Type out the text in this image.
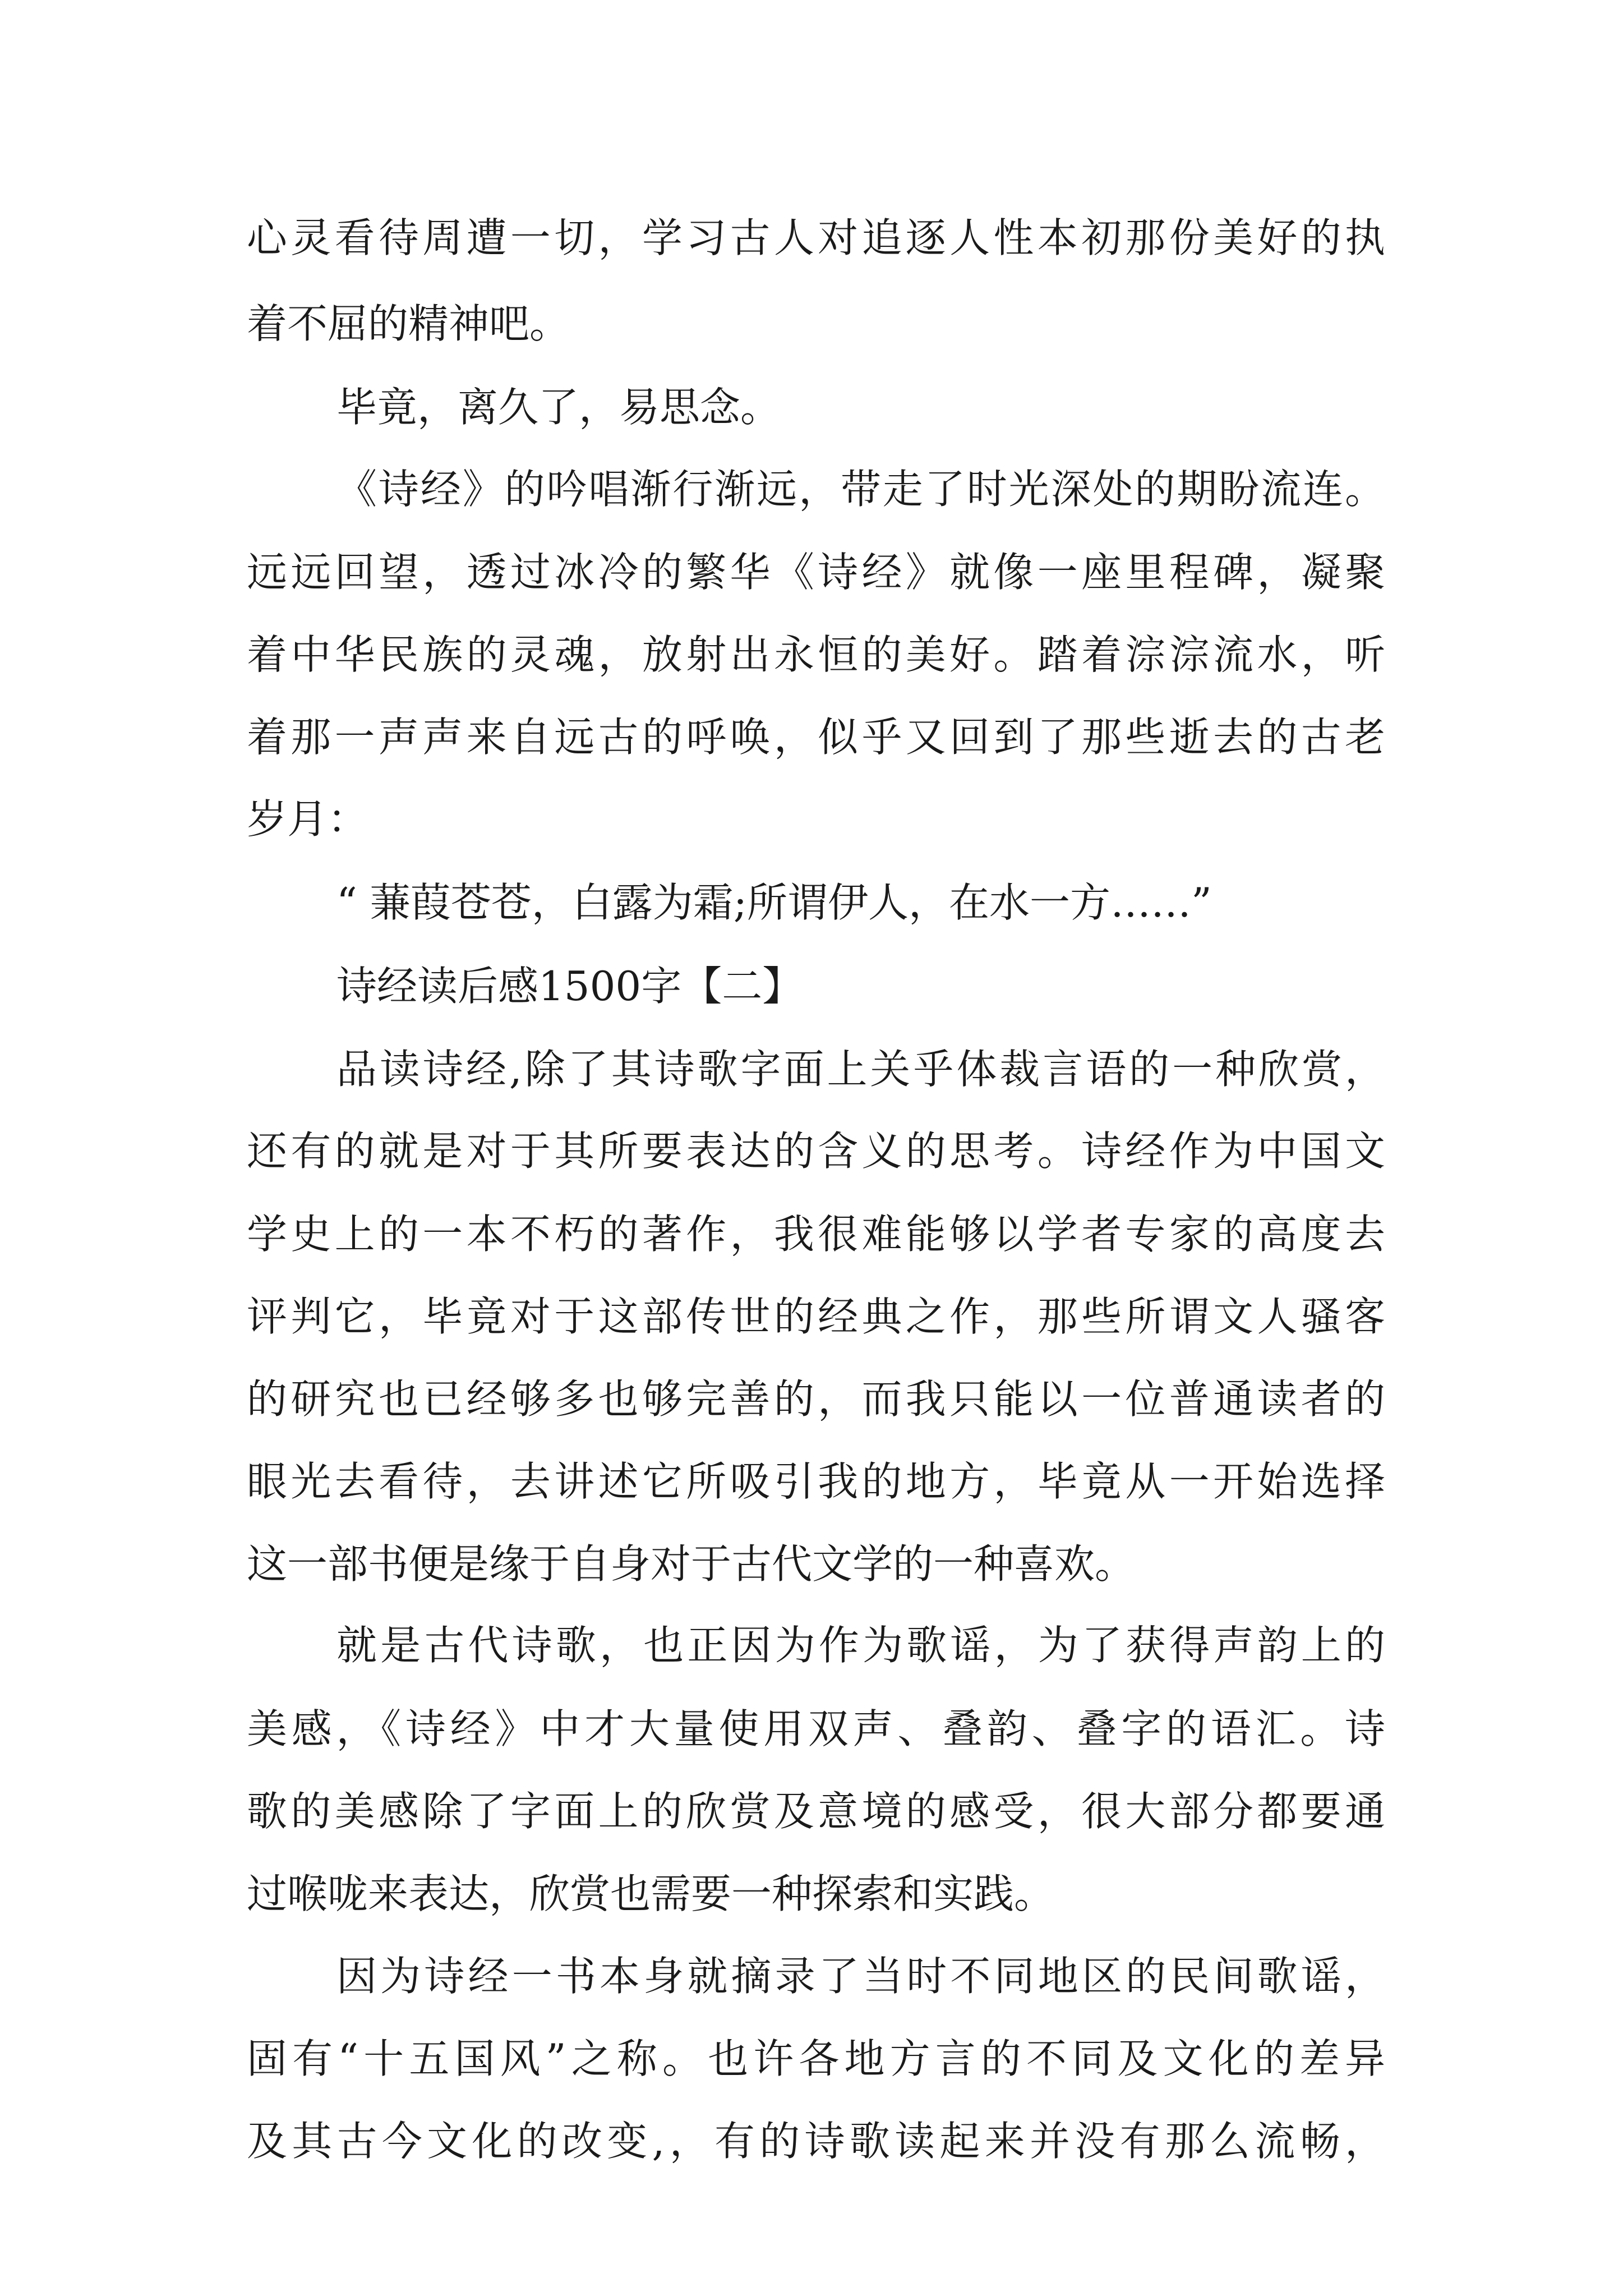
心灵看待周遭一切，学习古人对追逐人性本初那份美好的执
着不屈的精神吧。
毕竟，离久了，易思念。
《诗经》的吟唱渐行渐远，带走了时光深处的期盼流连。
远远回望，透过冰冷的繁华《诗经》就像一座里程碑，凝聚
着中华民族的灵魂，放射出永恒的美好。踏着淙淙流水，听
着那一声声来自远古的呼唤，似乎又回到了那些逝去的古老
岁月：
“ 蒹葭苍苍，白露为霜;所谓伊人，在水一方……”
诗经读后感1500字【二】
品读诗经,除了其诗歌字面上关乎体裁言语的一种欣赏，
还有的就是对于其所要表达的含义的思考。诗经作为中国文
学史上的一本不朽的著作，我很难能够以学者专家的高度去
评判它，毕竟对于这部传世的经典之作，那些所谓文人骚客
的研究也已经够多也够完善的，而我只能以一位普通读者的
眼光去看待，去讲述它所吸引我的地方，毕竟从一开始选择
这一部书便是缘于自身对于古代文学的一种喜欢。
就是古代诗歌，也正因为作为歌谣，为了获得声韵上的
美感，《诗经》中才大量使用双声、叠韵、叠字的语汇。诗
歌的美感除了字面上的欣赏及意境的感受，很大部分都要通
过喉咙来表达，欣赏也需要一种探索和实践。
因为诗经一书本身就摘录了当时不同地区的民间歌谣，
固有“十五国风”之称。也许各地方言的不同及文化的差异
及其古今文化的改变,，有的诗歌读起来并没有那么流畅，
